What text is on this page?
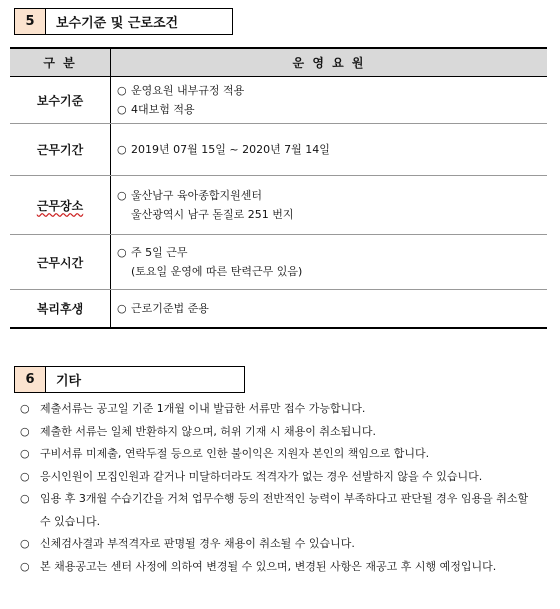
5	보수기준 및 근로조건
구 분	운 영 요 원
보수기준	○ 운영요원 내부규정 적용
○ 4대보험 적용

근무기간	○ 2019년 07월 15일 ~ 2020년 7월 14일

근무장소	○ 울산남구 육아종합지원센터
울산광역시 남구 돋질로 251 번지

근무시간	○ 주 5일 근무
(토요일 운영에 따른 탄력근무 있음)

복리후생	○ 근로기준법 준용
6	기타
○ 제출서류는 공고일 기준 1개월 이내 발급한 서류만 접수 가능합니다.
○ 제출한 서류는 일체 반환하지 않으며, 허위 기재 시 채용이 취소됩니다.
○ 구비서류 미제출, 연락두절 등으로 인한 불이익은 지원자 본인의 책임으로 합니다.
○ 응시인원이 모집인원과 같거나 미달하더라도 적격자가 없는 경우 선발하지 않을 수 있습니다.
○ 임용 후 3개월 수습기간을 거쳐 업무수행 등의 전반적인 능력이 부족하다고 판단될 경우 임용을 취소할 수 있습니다.
○ 신체검사결과 부적격자로 판명될 경우 채용이 취소될 수 있습니다.
○ 본 채용공고는 센터 사정에 의하여 변경될 수 있으며, 변경된 사항은 재공고 후 시행 예정입니다.
